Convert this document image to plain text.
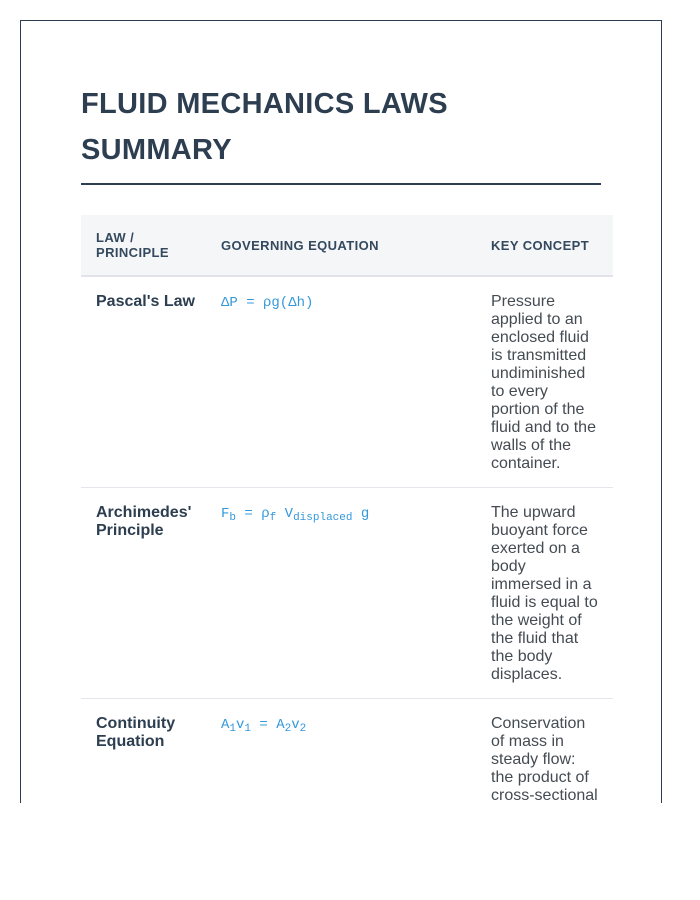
FLUID MECHANICS LAWS SUMMARY
LAW / PRINCIPLE	GOVERNING EQUATION	KEY CONCEPT
Pascal's Law	ΔP = ρg(Δh)	Pressure applied to an enclosed fluid is transmitted undiminished to every portion of the fluid and to the walls of the container.
Archimedes' Principle	$F_b = \rho_f$ $V_{displaced}$ g	The upward buoyant force exerted on a body immersed in a fluid is equal to the weight of the fluid that the body displaces.
Continuity Equation	$A_1v_1 = A_2v_2$	Conservation of mass in steady flow: the product of cross-sectional
